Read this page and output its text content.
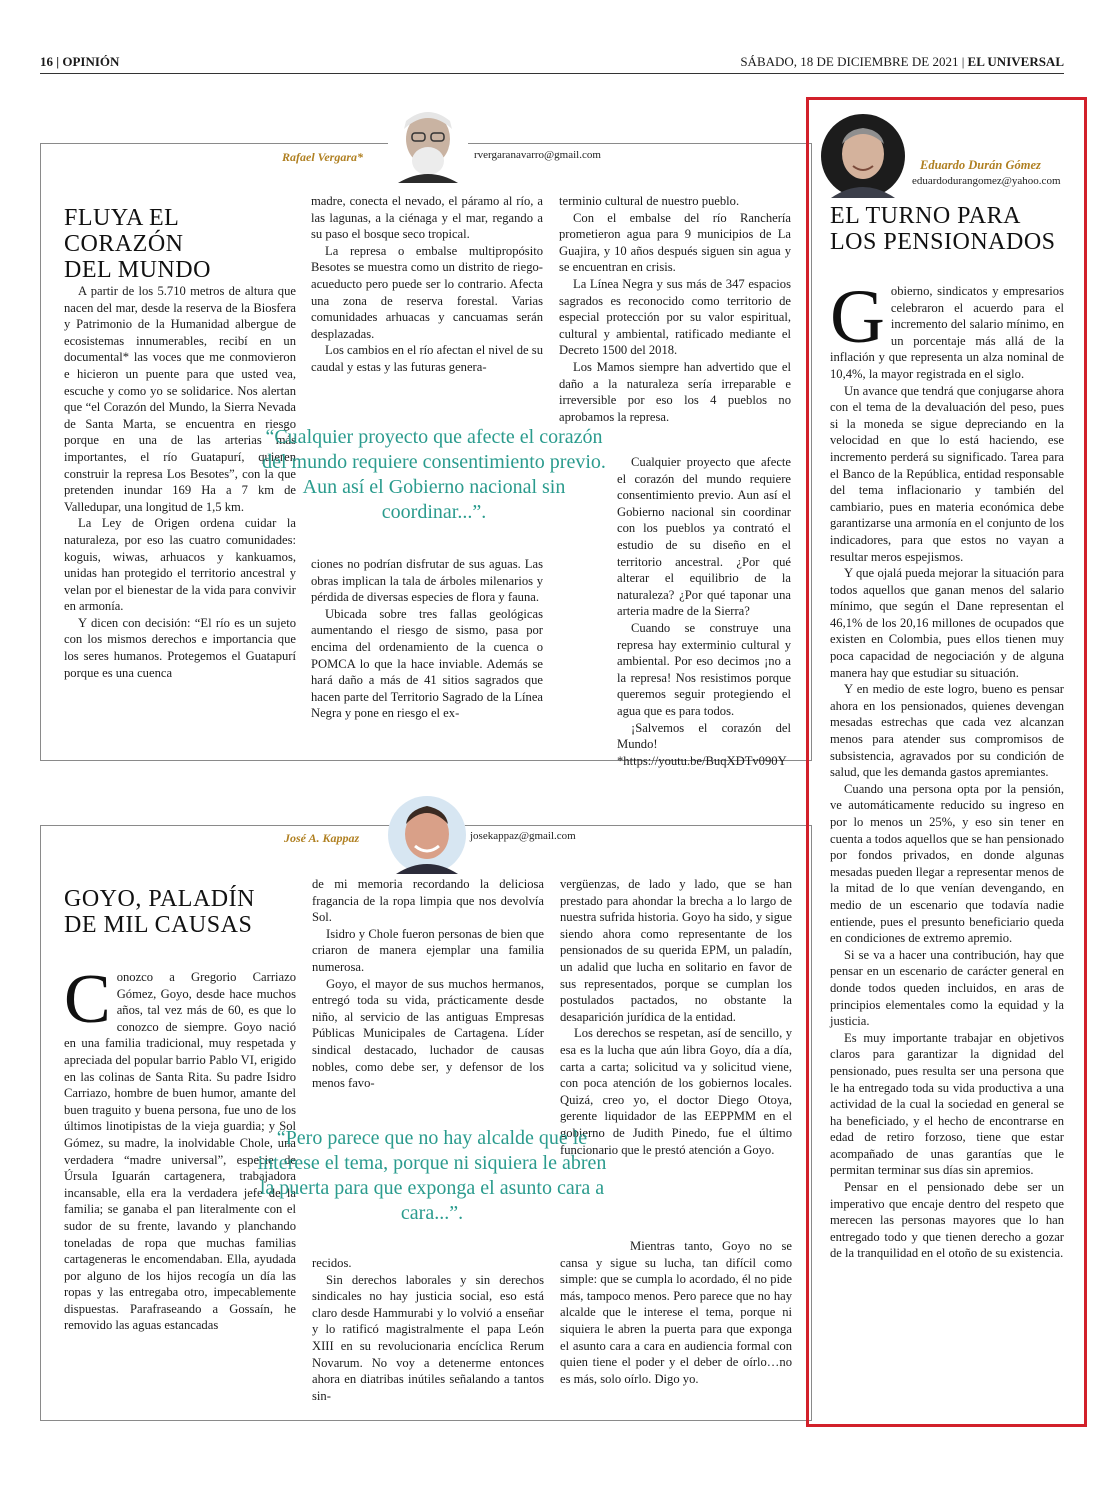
16 | OPINIÓN	SÁBADO, 18 DE DICIEMBRE DE 2021 | EL UNIVERSAL
Rafael Vergara*	rvergaranavarro@gmail.com
FLUYA EL CORAZÓN
DEL MUNDO

A partir de los 5.710 metros de altura que nacen del mar, desde la reserva de la Biosfera y Patrimonio de la Humanidad albergue de ecosistemas innumerables, recibí en un documental* las voces que me conmovieron e hicieron un puente para que usted vea, escuche y como yo se solidarice. Nos alertan que “el Corazón del Mundo, la Sierra Nevada de Santa Marta, se encuentra en riesgo porque en una de las arterias más importantes, el río Guatapurí, quieren construir la represa Los Besotes”, con la que pretenden inundar 169 Ha a 7 km de Valledupar, una longitud de 1,5 km.

La Ley de Origen ordena cuidar la naturaleza, por eso las cuatro comunidades: koguis, wiwas, arhuacos y kankuamos, unidas han protegido el territorio ancestral y velan por el bienestar de la vida para convivir en armonía.

Y dicen con decisión: “El río es un sujeto con los mismos derechos e importancia que los seres humanos. Protegemos el Guatapurí porque es una cuenca

madre, conecta el nevado, el páramo al río, a las lagunas, a la ciénaga y el mar, regando a su paso el bosque seco tropical.

La represa o embalse multipropósito Besotes se muestra como un distrito de riego-acueducto pero puede ser lo contrario. Afecta una zona de reserva forestal. Varias comunidades arhuacas y cancuamas serán desplazadas.

Los cambios en el río afectan el nivel de su caudal y estas y las futuras genera-

ciones no podrían disfrutar de sus aguas. Las obras implican la tala de árboles milenarios y pérdida de diversas especies de flora y fauna.

Ubicada sobre tres fallas geológicas aumentando el riesgo de sismo, pasa por encima del ordenamiento de la cuenca o POMCA lo que la hace inviable. Además se hará daño a más de 41 sitios sagrados que hacen parte del Territorio Sagrado de la Línea Negra y pone en riesgo el ex-

terminio cultural de nuestro pueblo.

Con el embalse del río Ranchería prometieron agua para 9 municipios de La Guajira, y 10 años después siguen sin agua y se encuentran en crisis.

La Línea Negra y sus más de 347 espacios sagrados es reconocido como territorio de especial protección por su valor espiritual, cultural y ambiental, ratificado mediante el Decreto 1500 del 2018.

Los Mamos siempre han advertido que el daño a la naturaleza sería irreparable e irreversible por eso los 4 pueblos no aprobamos la represa.

Cualquier proyecto que afecte el corazón del mundo requiere consentimiento previo. Aun así el Gobierno nacional sin coordinar con los pueblos ya contrató el estudio de su diseño en el territorio ancestral. ¿Por qué alterar el equilibrio de la naturaleza? ¿Por qué taponar una arteria madre de la Sierra?

Cuando se construye una represa hay exterminio cultural y ambiental. Por eso decimos ¡no a la represa! Nos resistimos porque queremos seguir protegiendo el agua que es para todos.

¡Salvemos el corazón del Mundo! *https://youtu.be/BuqXDTv090Y

“Cualquier proyecto que afecte el corazón del mundo requiere consentimiento previo. Aun así el Gobierno nacional sin coordinar...”.
José A. Kappaz	josekappaz@gmail.com
GOYO, PALADÍN
DE MIL CAUSAS
C onozco a Gregorio Carriazo Gómez, Goyo, desde hace muchos años, tal vez más de 60, es que lo conozco de siempre. Goyo nació en una familia tradicional, muy respetada y apreciada del popular barrio Pablo VI, erigido en las colinas de Santa Rita. Su padre Isidro Carriazo, hombre de buen humor, amante del buen traguito y buena persona, fue uno de los últimos linotipistas de la vieja guardia; y Sol Gómez, su madre, la inolvidable Chole, una verdadera “madre universal”, especie de Úrsula Iguarán cartagenera, trabajadora incansable, ella era la verdadera jefe de la familia; se ganaba el pan literalmente con el sudor de su frente, lavando y planchando toneladas de ropa que muchas familias cartageneras le encomendaban. Ella, ayudada por alguno de los hijos recogía un día las ropas y las entregaba otro, impecablemente dispuestas. Parafraseando a Gossaín, he removido las aguas estancadas

de mi memoria recordando la deliciosa fragancia de la ropa limpia que nos devolvía Sol.

Isidro y Chole fueron personas de bien que criaron de manera ejemplar una familia numerosa.

Goyo, el mayor de sus muchos hermanos, entregó toda su vida, prácticamente desde niño, al servicio de las antiguas Empresas Públicas Municipales de Cartagena. Líder sindical destacado, luchador de causas nobles, como debe ser, y defensor de los menos favo-

recidos.

Sin derechos laborales y sin derechos sindicales no hay justicia social, eso está claro desde Hammurabi y lo volvió a enseñar y lo ratificó magistralmente el papa León XIII en su revolucionaria encíclica Rerum Novarum. No voy a detenerme entonces ahora en diatribas inútiles señalando a tantos sin-

vergüenzas, de lado y lado, que se han prestado para ahondar la brecha a lo largo de nuestra sufrida historia. Goyo ha sido, y sigue siendo ahora como representante de los pensionados de su querida EPM, un paladín, un adalid que lucha en solitario en favor de sus representados, porque se cumplan los postulados pactados, no obstante la desaparición jurídica de la entidad.

Los derechos se respetan, así de sencillo, y esa es la lucha que aún libra Goyo, día a día, carta a carta; solicitud va y solicitud viene, con poca atención de los gobiernos locales. Quizá, creo yo, el doctor Diego Otoya, gerente liquidador de las EEPPMM en el gobierno de Judith Pinedo, fue el último funcionario que le prestó atención a Goyo.

Mientras tanto, Goyo no se cansa y sigue su lucha, tan difícil como simple: que se cumpla lo acordado, él no pide más, tampoco menos. Pero parece que no hay alcalde que le interese el tema, porque ni siquiera le abren la puerta para que exponga el asunto cara a cara en audiencia formal con quien tiene el poder y el deber de oírlo…no es más, solo oírlo. Digo yo.

“Pero parece que no hay alcalde que le interese el tema, porque ni siquiera le abren la puerta para que exponga el asunto cara a cara...”.
Eduardo Durán Gómez
eduardodurangomez@yahoo.com
EL TURNO PARA
LOS PENSIONADOS
G obierno, sindicatos y empresarios celebraron el acuerdo para el incremento del salario mínimo, en un porcentaje más allá de la inflación y que representa un alza nominal de 10,4%, la mayor registrada en el siglo.

Un avance que tendrá que conjugarse ahora con el tema de la devaluación del peso, pues si la moneda se sigue depreciando en la velocidad en que lo está haciendo, ese incremento perderá su significado. Tarea para el Banco de la República, entidad responsable del tema inflacionario y también del cambiario, pues en materia económica debe garantizarse una armonía en el conjunto de los indicadores, para que estos no vayan a resultar meros espejismos.

Y que ojalá pueda mejorar la situación para todos aquellos que ganan menos del salario mínimo, que según el Dane representan el 46,1% de los 20,16 millones de ocupados que existen en Colombia, pues ellos tienen muy poca capacidad de negociación y de alguna manera hay que estudiar su situación.

Y en medio de este logro, bueno es pensar ahora en los pensionados, quienes devengan mesadas estrechas que cada vez alcanzan menos para atender sus compromisos de subsistencia, agravados por su condición de salud, que les demanda gastos apremiantes.

Cuando una persona opta por la pensión, ve automáticamente reducido su ingreso en por lo menos un 25%, y eso sin tener en cuenta a todos aquellos que se han pensionado por fondos privados, en donde algunas mesadas pueden llegar a representar menos de la mitad de lo que venían devengando, en medio de un escenario que todavía nadie entiende, pues el presunto beneficiario queda en condiciones de extremo apremio.

Si se va a hacer una contribución, hay que pensar en un escenario de carácter general en donde todos queden incluidos, en aras de principios elementales como la equidad y la justicia.

Es muy importante trabajar en objetivos claros para garantizar la dignidad del pensionado, pues resulta ser una persona que le ha entregado toda su vida productiva a una actividad de la cual la sociedad en general se ha beneficiado, y el hecho de encontrarse en edad de retiro forzoso, tiene que estar acompañado de unas garantías que le permitan terminar sus días sin apremios.

Pensar en el pensionado debe ser un imperativo que encaje dentro del respeto que merecen las personas mayores que lo han entregado todo y que tienen derecho a gozar de la tranquilidad en el otoño de su existencia.
